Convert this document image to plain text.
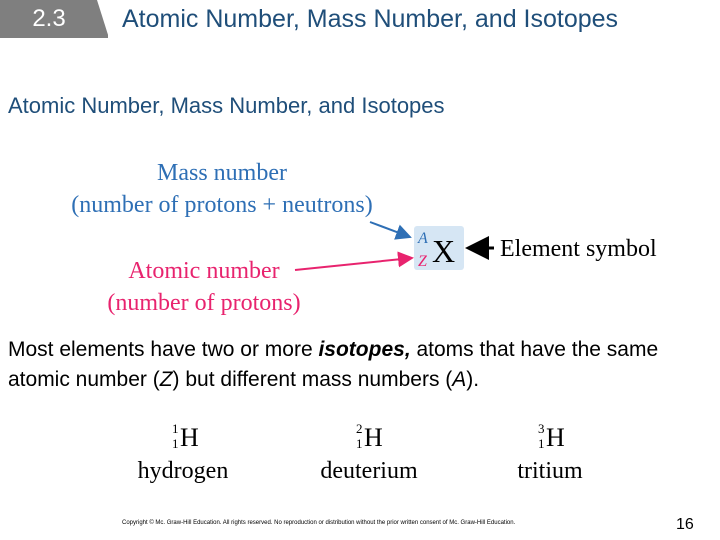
2.3 Atomic Number, Mass Number, and Isotopes
Atomic Number, Mass Number, and Isotopes
Mass number
(number of protons + neutrons)
Atomic number
(number of protons)
A
Z X Element symbol
Most elements have two or more isotopes, atoms that have the same atomic number (Z) but different mass numbers (A).
1
1 H
hydrogen
2
1 H
deuterium
3
1 H
tritium
Copyright © Mc. Graw-Hill Education. All rights reserved. No reproduction or distribution without the prior written consent of Mc. Graw-Hill Education.	16
